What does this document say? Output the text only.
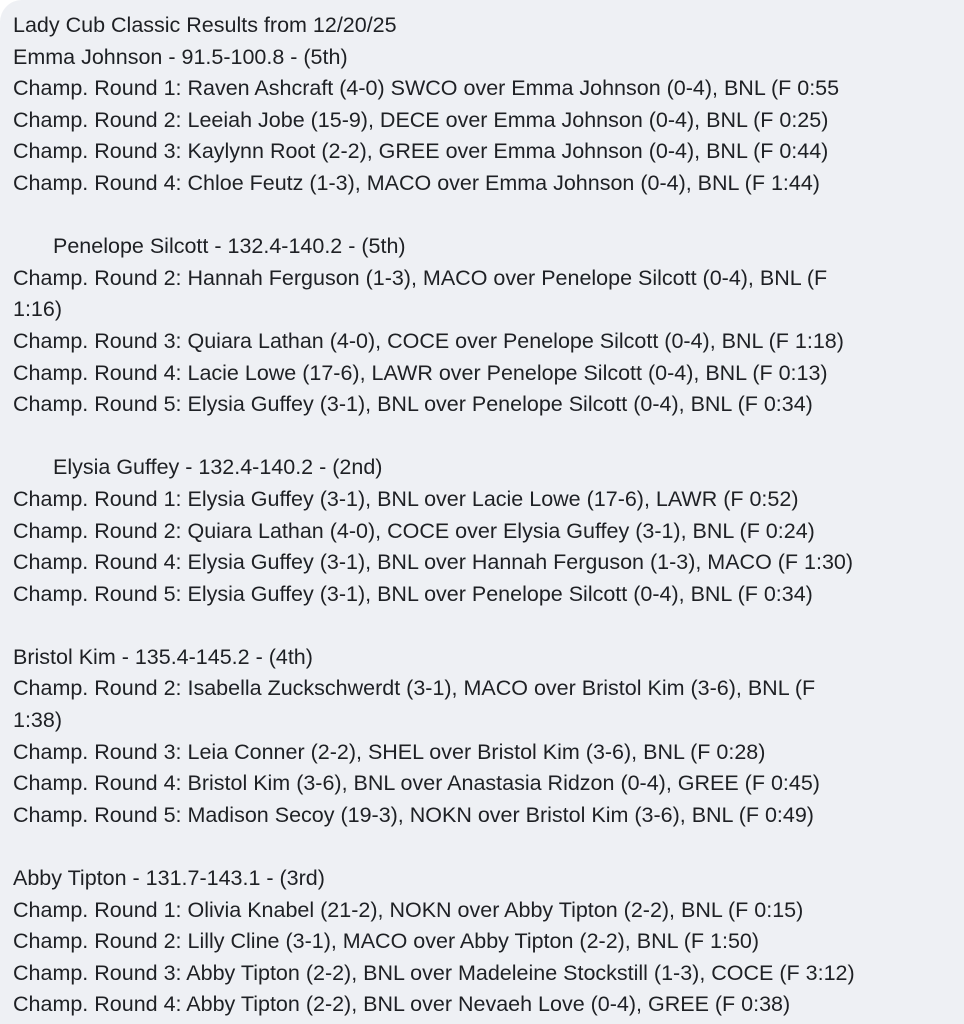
Lady Cub Classic Results from 12/20/25
Emma Johnson - 91.5-100.8 - (5th)
Champ. Round 1: Raven Ashcraft (4-0) SWCO over Emma Johnson (0-4), BNL (F 0:55
Champ. Round 2: Leeiah Jobe (15-9), DECE over Emma Johnson (0-4), BNL (F 0:25)
Champ. Round 3: Kaylynn Root (2-2), GREE over Emma Johnson (0-4), BNL (F 0:44)
Champ. Round 4: Chloe Feutz (1-3), MACO over Emma Johnson (0-4), BNL (F 1:44)
Penelope Silcott - 132.4-140.2 - (5th)
Champ. Round 2: Hannah Ferguson (1-3), MACO over Penelope Silcott (0-4), BNL (F
1:16)
Champ. Round 3: Quiara Lathan (4-0), COCE over Penelope Silcott (0-4), BNL (F 1:18)
Champ. Round 4: Lacie Lowe (17-6), LAWR over Penelope Silcott (0-4), BNL (F 0:13)
Champ. Round 5: Elysia Guffey (3-1), BNL over Penelope Silcott (0-4), BNL (F 0:34)
Elysia Guffey - 132.4-140.2 - (2nd)
Champ. Round 1: Elysia Guffey (3-1), BNL over Lacie Lowe (17-6), LAWR (F 0:52)
Champ. Round 2: Quiara Lathan (4-0), COCE over Elysia Guffey (3-1), BNL (F 0:24)
Champ. Round 4: Elysia Guffey (3-1), BNL over Hannah Ferguson (1-3), MACO (F 1:30)
Champ. Round 5: Elysia Guffey (3-1), BNL over Penelope Silcott (0-4), BNL (F 0:34)
Bristol Kim - 135.4-145.2 - (4th)
Champ. Round 2: Isabella Zuckschwerdt (3-1), MACO over Bristol Kim (3-6), BNL (F
1:38)
Champ. Round 3: Leia Conner (2-2), SHEL over Bristol Kim (3-6), BNL (F 0:28)
Champ. Round 4: Bristol Kim (3-6), BNL over Anastasia Ridzon (0-4), GREE (F 0:45)
Champ. Round 5: Madison Secoy (19-3), NOKN over Bristol Kim (3-6), BNL (F 0:49)
Abby Tipton - 131.7-143.1 - (3rd)
Champ. Round 1: Olivia Knabel (21-2), NOKN over Abby Tipton (2-2), BNL (F 0:15)
Champ. Round 2: Lilly Cline (3-1), MACO over Abby Tipton (2-2), BNL (F 1:50)
Champ. Round 3: Abby Tipton (2-2), BNL over Madeleine Stockstill (1-3), COCE (F 3:12)
Champ. Round 4: Abby Tipton (2-2), BNL over Nevaeh Love (0-4), GREE (F 0:38)
